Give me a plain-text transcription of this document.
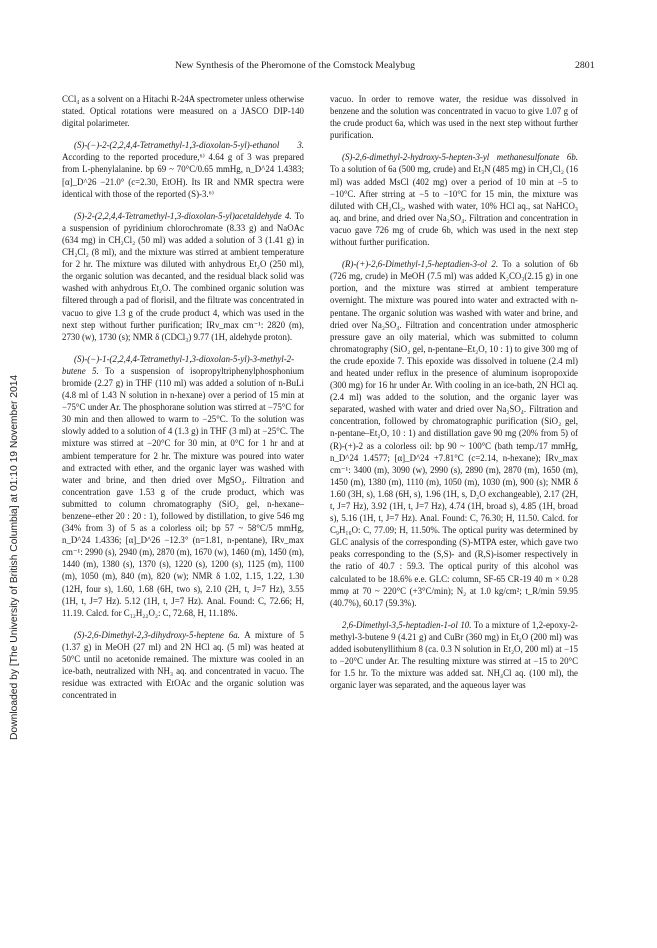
New Synthesis of the Pheromone of the Comstock Mealybug	2801
Downloaded by [The University of British Columbia] at 01:10 19 November 2014

CCl₄ as a solvent on a Hitachi R-24A spectrometer unless otherwise stated. Optical rotations were measured on a JASCO DIP-140 digital polarimeter.

(S)-(−)-2-(2,2,4,4-Tetramethyl-1,3-dioxolan-5-yl)-ethanol 3. According to the reported procedure,⁶⁾ 4.64 g of 3 was prepared from L-phenylalanine. bp 69 ~ 70°C/0.65 mmHg, n_D^24 1.4383; [α]_D^26 −21.0° (c=2.30, EtOH). Its IR and NMR spectra were identical with those of the reported (S)-3.⁶⁾

(S)-2-(2,2,4,4-Tetramethyl-1,3-dioxolan-5-yl)acetaldehyde 4. To a suspension of pyridinium chlorochromate (8.33 g) and NaOAc (634 mg) in CH₂Cl₂ (50 ml) was added a solution of 3 (1.41 g) in CH₂Cl₂ (8 ml), and the mixture was stirred at ambient temperature for 2 hr. The mixture was diluted with anhydrous Et₂O (250 ml), the organic solution was decanted, and the residual black solid was washed with anhydrous Et₂O. The combined organic solution was filtered through a pad of florisil, and the filtrate was concentrated in vacuo to give 1.3 g of the crude product 4, which was used in the next step without further purification; IRν_max cm⁻¹: 2820 (m), 2730 (w), 1730 (s); NMR δ (CDCl₃) 9.77 (1H, aldehyde proton).

(S)-(−)-1-(2,2,4,4-Tetramethyl-1,3-dioxolan-5-yl)-3-methyl-2-butene 5. To a suspension of isopropyltriphenylphosphonium bromide (2.27 g) in THF (110 ml) was added a solution of n-BuLi (4.8 ml of 1.43 N solution in n-hexane) over a period of 15 min at −75°C under Ar. The phosphorane solution was stirred at −75°C for 30 min and then allowed to warm to −25°C. To the solution was slowly added to a solution of 4 (1.3 g) in THF (3 ml) at −25°C. The mixture was stirred at −20°C for 30 min, at 0°C for 1 hr and at ambient temperature for 2 hr. The mixture was poured into water and extracted with ether, and the organic layer was washed with water and brine, and then dried over MgSO₄. Filtration and concentration gave 1.53 g of the crude product, which was submitted to column chromatography (SiO₂ gel, n-hexane–benzene–ether 20 : 20 : 1), followed by distillation, to give 546 mg (34% from 3) of 5 as a colorless oil; bp 57 ~ 58°C/5 mmHg, n_D^24 1.4336; [α]_D^26 −12.3° (n=1.81, n-pentane), IRν_max cm⁻¹: 2990 (s), 2940 (m), 2870 (m), 1670 (w), 1460 (m), 1450 (m), 1440 (m), 1380 (s), 1370 (s), 1220 (s), 1200 (s), 1125 (m), 1100 (m), 1050 (m), 840 (m), 820 (w); NMR δ 1.02, 1.15, 1.22, 1.30 (12H, four s), 1.60, 1.68 (6H, two s), 2.10 (2H, t, J=7 Hz), 3.55 (1H, t, J=7 Hz). 5.12 (1H, t, J=7 Hz). Anal. Found: C, 72.66; H, 11.19. Calcd. for C₁₂H₂₂O₂: C, 72.68, H, 11.18%.

(S)-2,6-Dimethyl-2,3-dihydroxy-5-heptene 6a. A mixture of 5 (1.37 g) in MeOH (27 ml) and 2N HCl aq. (5 ml) was heated at 50°C until no acetonide remained. The mixture was cooled in an ice-bath, neutralized with NH₃ aq. and concentrated in vacuo. The residue was extracted with EtOAc and the organic solution was concentrated in

vacuo. In order to remove water, the residue was dissolved in benzene and the solution was concentrated in vacuo to give 1.07 g of the crude product 6a, which was used in the next step without further purification.

(S)-2,6-dimethyl-2-hydroxy-5-hepten-3-yl methanesulfonate 6b. To a solution of 6a (500 mg, crude) and Et₃N (485 mg) in CH₂Cl₂ (16 ml) was added MsCl (402 mg) over a period of 10 min at −5 to −10°C. After strring at −5 to −10°C for 15 min, the mixture was diluted with CH₂Cl₂, washed with water, 10% HCl aq., sat NaHCO₃ aq. and brine, and dried over Na₂SO₄. Filtration and concentration in vacuo gave 726 mg of crude 6b, which was used in the next step without further purification.

(R)-(+)-2,6-Dimethyl-1,5-heptadien-3-ol 2. To a solution of 6b (726 mg, crude) in MeOH (7.5 ml) was added K₂CO₃(2.15 g) in one portion, and the mixture was stirred at ambient temperature overnight. The mixture was poured into water and extracted with n-pentane. The organic solution was washed with water and brine, and dried over Na₂SO₄. Filtration and concentration under atmospheric pressure gave an oily material, which was submitted to column chromatography (SiO₂ gel, n-pentane–Et₂O, 10 : 1) to give 300 mg of the crude epoxide 7. This epoxide was dissolved in toluene (2.4 ml) and heated under reflux in the presence of aluminum isopropoxide (300 mg) for 16 hr under Ar. With cooling in an ice-bath, 2N HCl aq. (2.4 ml) was added to the solution, and the organic layer was separated, washed with water and dried over Na₂SO₄. Filtration and concentration, followed by chromatographic purification (SiO₂ gel, n-pentane–Et₂O, 10 : 1) and distillation gave 90 mg (20% from 5) of (R)-(+)-2 as a colorless oil: bp 90 ~ 100°C (bath temp./17 mmHg, n_D^24 1.4577; [α]_D^24 +7.81°C (c=2.14, n-hexane); IRν_max cm⁻¹: 3400 (m), 3090 (w), 2990 (s), 2890 (m), 2870 (m), 1650 (m), 1450 (m), 1380 (m), 1110 (m), 1050 (m), 1030 (m), 900 (s); NMR δ 1.60 (3H, s), 1.68 (6H, s), 1.96 (1H, s, D₂O exchangeable), 2.17 (2H, t, J=7 Hz), 3.92 (1H, t, J=7 Hz), 4.74 (1H, broad s), 4.85 (1H, broad s), 5.16 (1H, t, J=7 Hz). Anal. Found: C, 76.30; H, 11.50. Calcd. for C₉H₁₆O: C, 77.09; H, 11.50%. The optical purity was determined by GLC analysis of the corresponding (S)-MTPA ester, which gave two peaks corresponding to the (S,S)- and (R,S)-isomer respectively in the ratio of 40.7 : 59.3. The optical purity of this alcohol was calculated to be 18.6% e.e. GLC: column, SF-65 CR-19 40 m × 0.28 mmφ at 70 ~ 220°C (+3°C/min); N₂ at 1.0 kg/cm²; t_R/min 59.95 (40.7%), 60.17 (59.3%).

2,6-Dimethyl-3,5-heptadien-1-ol 10. To a mixture of 1,2-epoxy-2-methyl-3-butene 9 (4.21 g) and CuBr (360 mg) in Et₂O (200 ml) was added isobutenyllithium 8 (ca. 0.3 N solution in Et₂O, 200 ml) at −15 to −20°C under Ar. The resulting mixture was stirred at −15 to 20°C for 1.5 hr. To the mixture was added sat. NH₄Cl aq. (100 ml), the organic layer was separated, and the aqueous layer was
